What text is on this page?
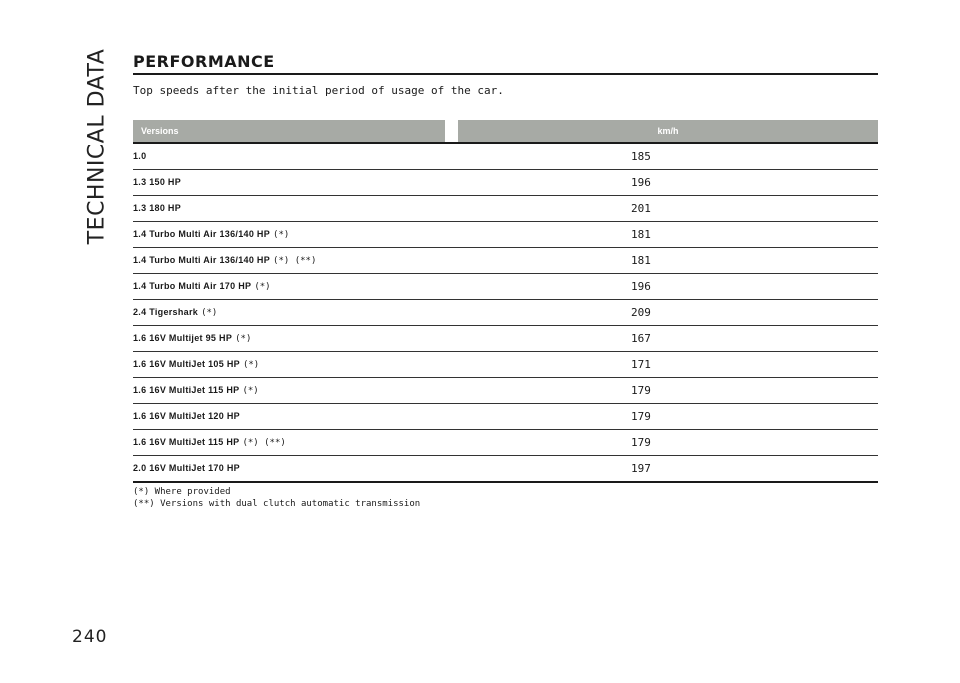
TECHNICAL DATA
240
PERFORMANCE
Top speeds after the initial period of usage of the car.
Versions	km/h
1.0	185
1.3 150 HP	196
1.3 180 HP	201
1.4 Turbo Multi Air 136/140 HP (*)	181
1.4 Turbo Multi Air 136/140 HP (*) (**)	181
1.4 Turbo Multi Air 170 HP (*)	196
2.4 Tigershark (*)	209
1.6 16V Multijet 95 HP (*)	167
1.6 16V MultiJet 105 HP (*)	171
1.6 16V MultiJet 115 HP (*)	179
1.6 16V MultiJet 120 HP	179
1.6 16V MultiJet 115 HP (*) (**)	179
2.0 16V MultiJet 170 HP	197
(*) Where provided
(**) Versions with dual clutch automatic transmission
